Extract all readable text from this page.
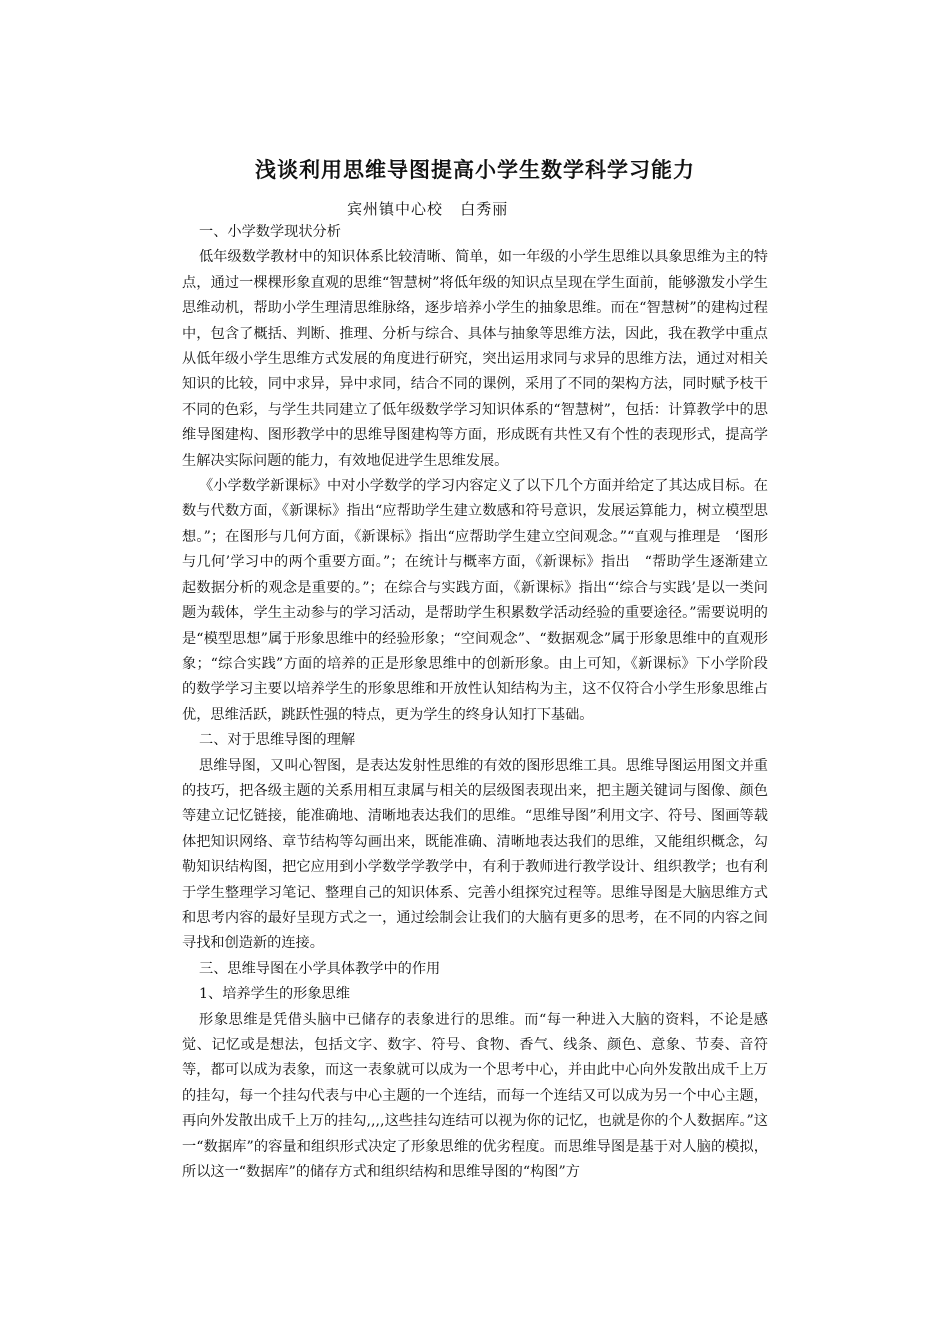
浅谈利用思维导图提高小学生数学科学习能力
宾州镇中心校   白秀丽
一、小学数学现状分析

低年级数学教材中的知识体系比较清晰、简单，如一年级的小学生思维以具象思维为主的特点，通过一棵棵形象直观的思维“智慧树”将低年级的知识点呈现在学生面前，能够激发小学生思维动机，帮助小学生理清思维脉络，逐步培养小学生的抽象思维。而在“智慧树”的建构过程中，包含了概括、判断、推理、分析与综合、具体与抽象等思维方法，因此，我在教学中重点从低年级小学生思维方式发展的角度进行研究，突出运用求同与求异的思维方法，通过对相关知识的比较，同中求异，异中求同，结合不同的课例，采用了不同的架构方法，同时赋予枝干不同的色彩，与学生共同建立了低年级数学学习知识体系的“智慧树”，包括：计算教学中的思维导图建构、图形教学中的思维导图建构等方面，形成既有共性又有个性的表现形式，提高学生解决实际问题的能力，有效地促进学生思维发展。

《小学数学新课标》中对小学数学的学习内容定义了以下几个方面并给定了其达成目标。在数与代数方面，《新课标》指出“应帮助学生建立数感和符号意识，发展运算能力，树立模型思想。”；在图形与几何方面，《新课标》指出“应帮助学生建立空间观念。”“直观与推理是　‘图形与几何’学习中的两个重要方面。”；在统计与概率方面，《新课标》指出　“帮助学生逐渐建立起数据分析的观念是重要的。”；在综合与实践方面，《新课标》指出“‘综合与实践’是以一类问题为载体，学生主动参与的学习活动，是帮助学生积累数学活动经验的重要途径。”需要说明的是“模型思想”属于形象思维中的经验形象；“空间观念”、“数据观念”属于形象思维中的直观形象；“综合实践”方面的培养的正是形象思维中的创新形象。由上可知，《新课标》下小学阶段的数学学习主要以培养学生的形象思维和开放性认知结构为主，这不仅符合小学生形象思维占优，思维活跃，跳跃性强的特点，更为学生的终身认知打下基础。

二、对于思维导图的理解

思维导图，又叫心智图，是表达发射性思维的有效的图形思维工具。思维导图运用图文并重的技巧，把各级主题的关系用相互隶属与相关的层级图表现出来，把主题关键词与图像、颜色等建立记忆链接，能准确地、清晰地表达我们的思维。“思维导图”利用文字、符号、图画等载体把知识网络、章节结构等勾画出来，既能准确、清晰地表达我们的思维，又能组织概念，勾勒知识结构图，把它应用到小学数学学教学中，有利于教师进行教学设计、组织教学；也有利于学生整理学习笔记、整理自己的知识体系、完善小组探究过程等。思维导图是大脑思维方式和思考内容的最好呈现方式之一，通过绘制会让我们的大脑有更多的思考，在不同的内容之间寻找和创造新的连接。

三、思维导图在小学具体教学中的作用
1、培养学生的形象思维

形象思维是凭借头脑中已储存的表象进行的思维。而“每一种进入大脑的资料，不论是感觉、记忆或是想法，包括文字、数字、符号、食物、香气、线条、颜色、意象、节奏、音符等，都可以成为表象，而这一表象就可以成为一个思考中心，并由此中心向外发散出成千上万的挂勾，每一个挂勾代表与中心主题的一个连结，而每一个连结又可以成为另一个中心主题，再向外发散出成千上万的挂勾,,,,这些挂勾连结可以视为你的记忆，也就是你的个人数据库。”这一“数据库”的容量和组织形式决定了形象思维的优劣程度。而思维导图是基于对人脑的模拟，所以这一“数据库”的储存方式和组织结构和思维导图的“构图”方
